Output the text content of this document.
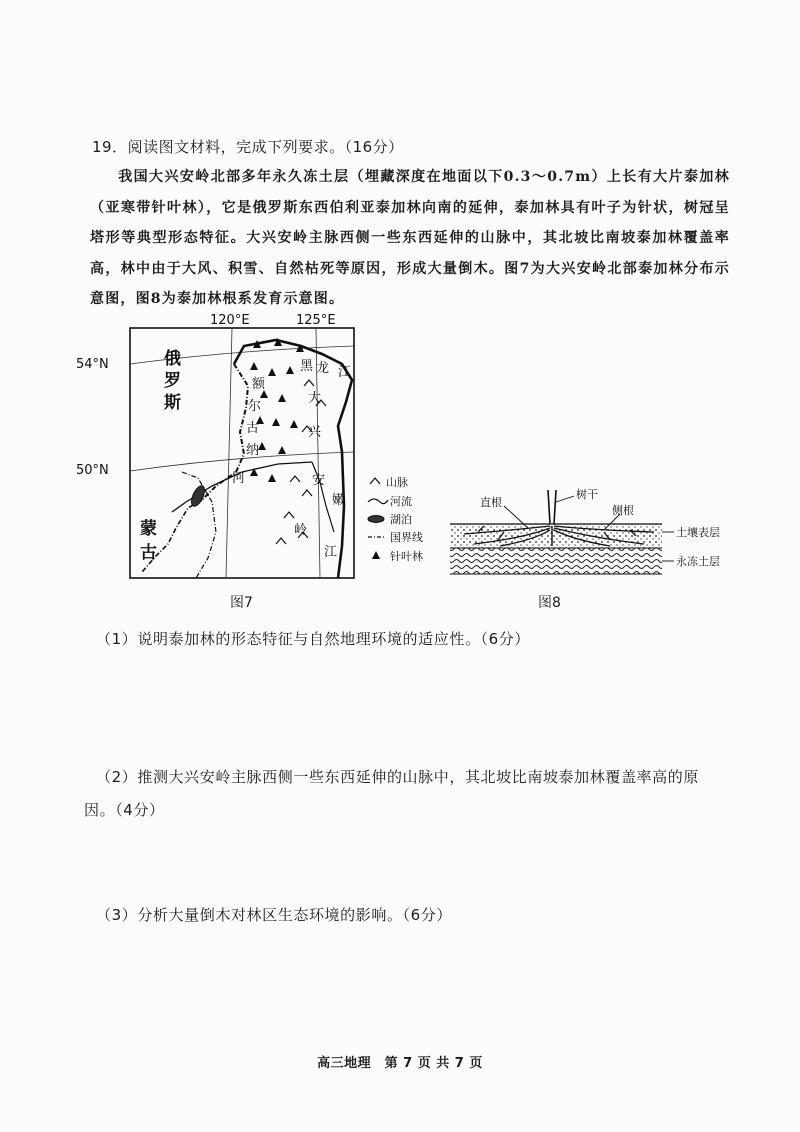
19．阅读图文材料，完成下列要求。（16分）
我国大兴安岭北部多年永久冻土层（埋藏深度在地面以下0.3～0.7m）上长有大片泰加林（亚寒带针叶林），它是俄罗斯东西伯利亚泰加林向南的延伸，泰加林具有叶子为针状，树冠呈塔形等典型形态特征。大兴安岭主脉西侧一些东西延伸的山脉中，其北坡比南坡泰加林覆盖率高，林中由于大风、积雪、自然枯死等原因，形成大量倒木。图7为大兴安岭北部泰加林分布示意图，图8为泰加林根系发育示意图。
120°E	125°E
54°N
50°N
俄
罗
斯
蒙
古
额
尔
古
纳
河
黑 龙 江
大
兴
安
岭
嫩
江
山脉
河流
湖泊
国界线
针叶林
图7
直根
树干
侧根
土壤表层
永冻土层
图8
（1）说明泰加林的形态特征与自然地理环境的适应性。（6分）
（2）推测大兴安岭主脉西侧一些东西延伸的山脉中，其北坡比南坡泰加林覆盖率高的原
因。（4分）
（3）分析大量倒木对林区生态环境的影响。（6分）
高三地理　第 7 页 共 7 页
